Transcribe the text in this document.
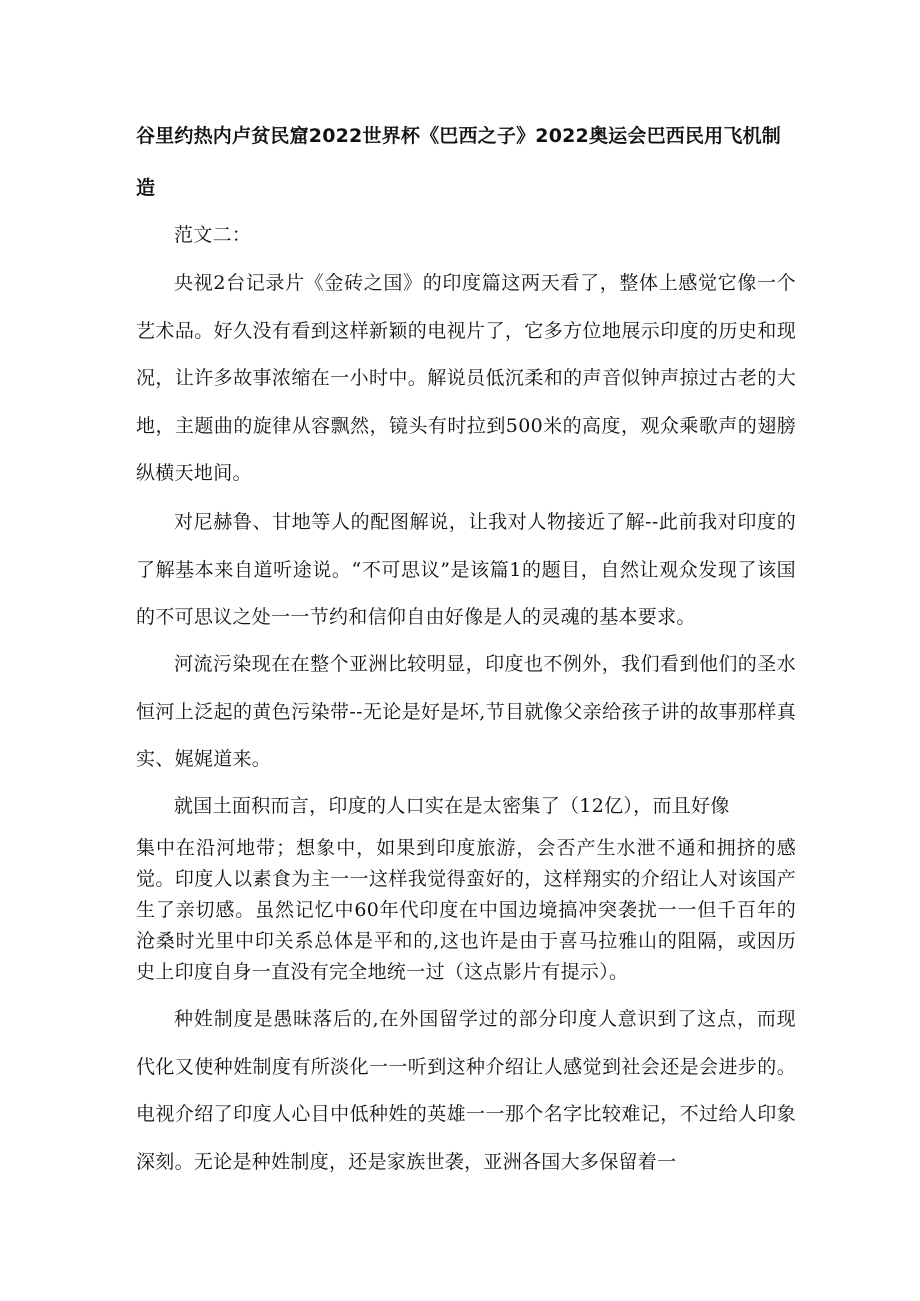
谷里约热内卢贫民窟2022世界杯《巴西之子》2022奥运会巴西民用飞机制造

范文二：

央视2台记录片《金砖之国》的印度篇这两天看了，整体上感觉它像一个艺术品。好久没有看到这样新颖的电视片了，它多方位地展示印度的历史和现况，让许多故事浓缩在一小时中。解说员低沉柔和的声音似钟声掠过古老的大地，主题曲的旋律从容飘然，镜头有时拉到500米的高度，观众乘歌声的翅膀纵横天地间。

对尼赫鲁、甘地等人的配图解说，让我对人物接近了解--此前我对印度的了解基本来自道听途说。“不可思议”是该篇1的题目，自然让观众发现了该国的不可思议之处一一节约和信仰自由好像是人的灵魂的基本要求。

河流污染现在在整个亚洲比较明显，印度也不例外，我们看到他们的圣水恒河上泛起的黄色污染带--无论是好是坏,节目就像父亲给孩子讲的故事那样真实、娓娓道来。

就国土面积而言，印度的人口实在是太密集了（12亿），而且好像

集中在沿河地带；想象中，如果到印度旅游，会否产生水泄不通和拥挤的感觉。印度人以素食为主一一这样我觉得蛮好的，这样翔实的介绍让人对该国产生了亲切感。虽然记忆中60年代印度在中国边境搞冲突袭扰一一但千百年的沧桑时光里中印关系总体是平和的,这也许是由于喜马拉雅山的阻隔，或因历史上印度自身一直没有完全地统一过（这点影片有提示）。

种姓制度是愚昧落后的,在外国留学过的部分印度人意识到了这点，而现代化又使种姓制度有所淡化一一听到这种介绍让人感觉到社会还是会进步的。电视介绍了印度人心目中低种姓的英雄一一那个名字比较难记，不过给人印象深刻。无论是种姓制度，还是家族世袭，亚洲各国大多保留着一
